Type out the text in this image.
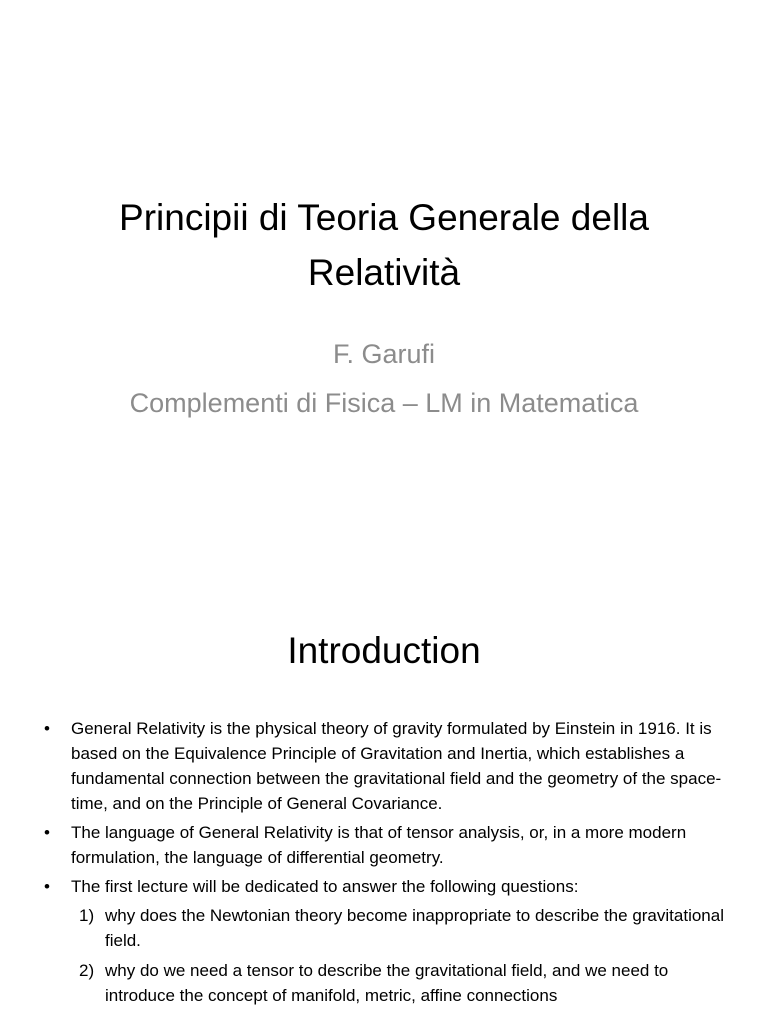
Principii di Teoria Generale della Relatività
F. Garufi
Complementi di Fisica – LM in Matematica
Introduction
•	General Relativity is the physical theory of gravity formulated by Einstein in 1916. It is based on the Equivalence Principle of Gravitation and Inertia, which establishes a fundamental connection between the gravitational field and the geometry of the space-time, and on the Principle of General Covariance.
•	The language of General Relativity is that of tensor analysis, or, in a more modern formulation, the language of differential geometry.
•	The first lecture will be dedicated to answer the following questions:
1) why does the Newtonian theory become inappropriate to describe the gravitational field.
2) why do we need a tensor to describe the gravitational field, and we need to introduce the concept of manifold, metric, affine connections
